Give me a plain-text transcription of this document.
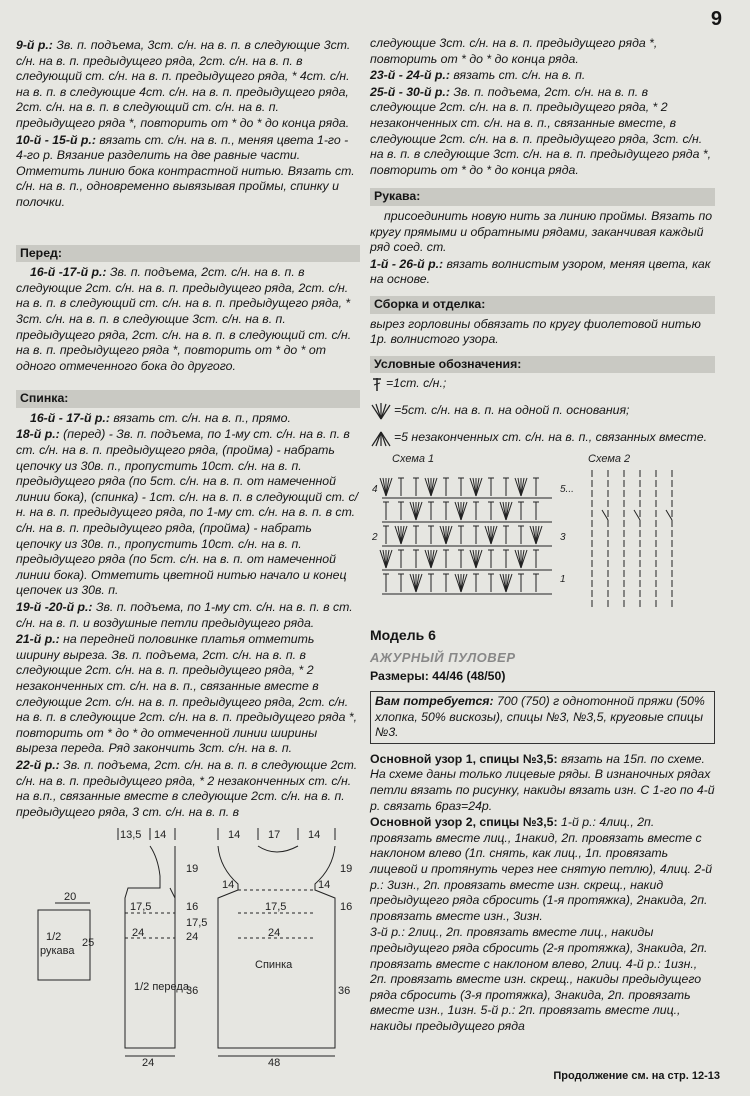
9

9-й р.: Зв. п. подъема, 3ст. с/н. на в. п. в следующие 3ст. с/н. на в. п. предыдущего ряда, 2ст. с/н. на в. п. в следующий ст. с/н. на в. п. предыдущего ряда, * 4ст. с/н. на в. п. в следующие 4ст. с/н. на в. п. предыдущего ряда, 2ст. с/н. на в. п. в следующий ст. с/н. на в. п. предыдущего ряда *, повторить от * до * до конца ряда.

10-й - 15-й р.: вязать ст. с/н. на в. п., меняя цвета 1-го - 4-го р. Вязание разделить на две равные части. Отметить линию бока контрастной нитью. Вязать ст. с/н. на в. п., одновременно вывязывая проймы, спинку и полочки.

Перед:

16-й -17-й р.: Зв. п. подъема, 2ст. с/н. на в. п. в следующие 2ст. с/н. на в. п. предыдущего ряда, 2ст. с/н. на в. п. в следующий ст. с/н. на в. п. предыдущего ряда, * 3ст. с/н. на в. п. в следующие 3ст. с/н. на в. п. предыдущего ряда, 2ст. с/н. на в. п. в следующий ст. с/н. на в. п. предыдущего ряда *, повторить от * до * от одного отмеченного бока до другого.

Спинка:

16-й - 17-й р.: вязать ст. с/н. на в. п., прямо.

18-й р.: (перед) - Зв. п. подъема, по 1-му ст. с/н. на в. п. в ст. с/н. на в. п. предыдущего ряда, (пройма) - набрать цепочку из 30в. п., пропустить 10ст. с/н. на в. п. предыдущего ряда (по 5ст. с/н. на в. п. от намеченной линии бока), (спинка) - 1ст. с/н. на в. п. в следующий ст. с/н. на в. п. предыдущего ряда, по 1-му ст. с/н. на в. п. в ст. с/н. на в. п. предыдущего ряда, (пройма) - набрать цепочку из 30в. п., пропустить 10ст. с/н. на в. п. предыдущего ряда (по 5ст. с/н. на в. п. от намеченной линии бока). Отметить цветной нитью начало и конец цепочек из 30в. п.

19-й -20-й р.: Зв. п. подъема, по 1-му ст. с/н. на в. п. в ст. с/н. на в. п. и воздушные петли предыдущего ряда.

21-й р.: на передней половинке платья отметить ширину выреза. Зв. п. подъема, 2ст. с/н. на в. п. в следующие 2ст. с/н. на в. п. предыдущего ряда, * 2 незаконченных ст. с/н. на в. п., связанные вместе в следующие 2ст. с/н. на в. п. предыдущего ряда, 2ст. с/н. на в. п. в следующие 2ст. с/н. на в. п. предыдущего ряда *, повторить от * до * до отмеченной линии ширины выреза переда. Ряд закончить 3ст. с/н. на в. п.

22-й р.: Зв. п. подъема, 2ст. с/н. на в. п. в следующие 2ст. с/н. на в. п. предыдущего ряда, * 2 незаконченных ст. с/н. на в.п., связанные вместе в следующие 2ст. с/н. на в. п. предыдущего ряда, 3 ст. с/н. на в. п. в

13,5 14	14	17	14
17,5
24
1/2 переда
24
19
16
17,5
24
36
14	14
17,5
24
Спинка
19
16
36
48
20
1/2
рукава
25

следующие 3ст. с/н. на в. п. предыдущего ряда *, повторить от * до * до конца ряда.

23-й - 24-й р.: вязать ст. с/н. на в. п.

25-й - 30-й р.: Зв. п. подъема, 2ст. с/н. на в. п. в следующие 2ст. с/н. на в. п. предыдущего ряда, * 2 незаконченных ст. с/н. на в. п., связанные вместе, в следующие 2ст. с/н. на в. п. предыдущего ряда, 3ст. с/н. на в. п. в следующие 3ст. с/н. на в. п. предыдущего ряда *, повторить от * до * до конца ряда.

Рукава:

присоединить новую нить за линию проймы. Вязать по кругу прямыми и обратными рядами, заканчивая каждый ряд соед. ст.

1-й - 26-й р.: вязать волнистым узором, меняя цвета, как на основе.

Сборка и отделка:

вырез горловины обвязать по кругу фиолетовой нитью 1р. волнистого узора.

Условные обозначения:
=1ст. с/н.;
=5ст. с/н. на в. п. на одной п. основания;
=5 незаконченных ст. с/н. на в. п., связанных вместе.
Схема 1	Схема 2
4	5...
2	3
1
Модель 6
АЖУРНЫЙ ПУЛОВЕР
Размеры: 44/46 (48/50)
Вам потребуется: 700 (750) г однотонной пряжи (50% хлопка, 50% вискозы), спицы №3, №3,5, круговые спицы №3.

Основной узор 1, спицы №3,5: вязать на 15п. по схеме. На схеме даны только лицевые ряды. В изнаночных рядах петли вязать по рисунку, накиды вязать изн. С 1-го по 4-й р. связать 6раз=24р.

Основной узор 2, спицы №3,5: 1-й р.: 4лиц., 2п. провязать вместе лиц., 1накид, 2п. провязать вместе с наклоном влево (1п. снять, как лиц., 1п. провязать лицевой и протянуть через нее снятую петлю), 4лиц. 2-й р.: 3изн., 2п. провязать вместе изн. скрещ., накид предыдущего ряда сбросить (1-я протяжка), 2накида, 2п. провязать вместе изн., 3изн.

3-й р.: 2лиц., 2п. провязать вместе лиц., накиды предыдущего ряда сбросить (2-я протяжка), 3накида, 2п. провязать вместе с наклоном влево, 2лиц. 4-й р.: 1изн., 2п. провязать вместе изн. скрещ., накиды предыдущего ряда сбросить (3-я протяжка), 3накида, 2п. провязать вместе изн., 1изн. 5-й р.: 2п. провязать вместе лиц., накиды предыдущего ряда

Продолжение см. на стр. 12-13
